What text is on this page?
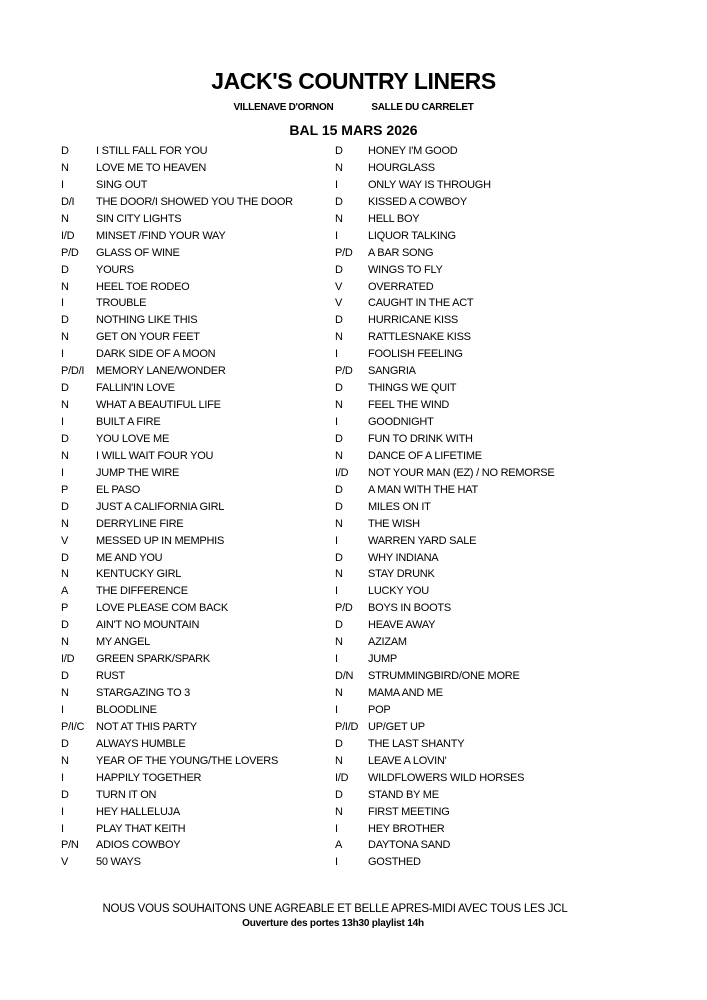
JACK'S COUNTRY LINERS
VILLENAVE D'ORNON	SALLE DU CARRELET
BAL 15 MARS 2026
D	I STILL FALL FOR YOU
N	LOVE ME TO HEAVEN
I	SING OUT
D/I	THE DOOR/I SHOWED YOU THE DOOR
N	SIN CITY LIGHTS
I/D	MINSET /FIND YOUR WAY
P/D	GLASS OF WINE
D	YOURS
N	HEEL TOE RODEO
I	TROUBLE
D	NOTHING LIKE THIS
N	GET ON YOUR FEET
I	DARK SIDE OF A MOON
P/D/I	MEMORY LANE/WONDER
D	FALLIN'IN LOVE
N	WHAT A BEAUTIFUL LIFE
I	BUILT A FIRE
D	YOU LOVE ME
N	I WILL WAIT FOUR YOU
I	JUMP THE WIRE
P	EL PASO
D	JUST A CALIFORNIA GIRL
N	DERRYLINE FIRE
V	MESSED UP IN MEMPHIS
D	ME AND YOU
N	KENTUCKY GIRL
A	THE DIFFERENCE
P	LOVE PLEASE COM BACK
D	AIN'T NO MOUNTAIN
N	MY ANGEL
I/D	GREEN SPARK/SPARK
D	RUST
N	STARGAZING TO 3
I	BLOODLINE
P/I/C	NOT AT THIS PARTY
D	ALWAYS HUMBLE
N	YEAR OF THE YOUNG/THE LOVERS
I	HAPPILY TOGETHER
D	TURN IT ON
I	HEY HALLELUJA
I	PLAY THAT KEITH
P/N	ADIOS COWBOY
V	50 WAYS
D	HONEY I'M GOOD
N	HOURGLASS
I	ONLY WAY IS THROUGH
D	KISSED A COWBOY
N	HELL BOY
I	LIQUOR TALKING
P/D	A BAR SONG
D	WINGS TO FLY
V	OVERRATED
V	CAUGHT IN THE ACT
D	HURRICANE KISS
N	RATTLESNAKE KISS
I	FOOLISH FEELING
P/D	SANGRIA
D	THINGS WE QUIT
N	FEEL THE WIND
I	GOODNIGHT
D	FUN TO DRINK WITH
N	DANCE OF A LIFETIME
I/D	NOT YOUR MAN (EZ) / NO REMORSE
D	A MAN WITH THE HAT
D	MILES ON IT
N	THE WISH
I	WARREN YARD SALE
D	WHY INDIANA
N	STAY DRUNK
I	LUCKY YOU
P/D	BOYS IN BOOTS
D	HEAVE AWAY
N	AZIZAM
I	JUMP
D/N	STRUMMINGBIRD/ONE MORE
N	MAMA AND ME
I	POP
P/I/D UP/GET UP
D	THE LAST SHANTY
N	LEAVE A LOVIN'
I/D	WILDFLOWERS WILD HORSES
D	STAND BY ME
N	FIRST MEETING
I	HEY BROTHER
A	DAYTONA SAND
I	GOSTHED
NOUS VOUS SOUHAITONS UNE AGREABLE ET BELLE APRES-MIDI AVEC TOUS LES JCL
Ouverture des portes 13h30 playlist 14h
